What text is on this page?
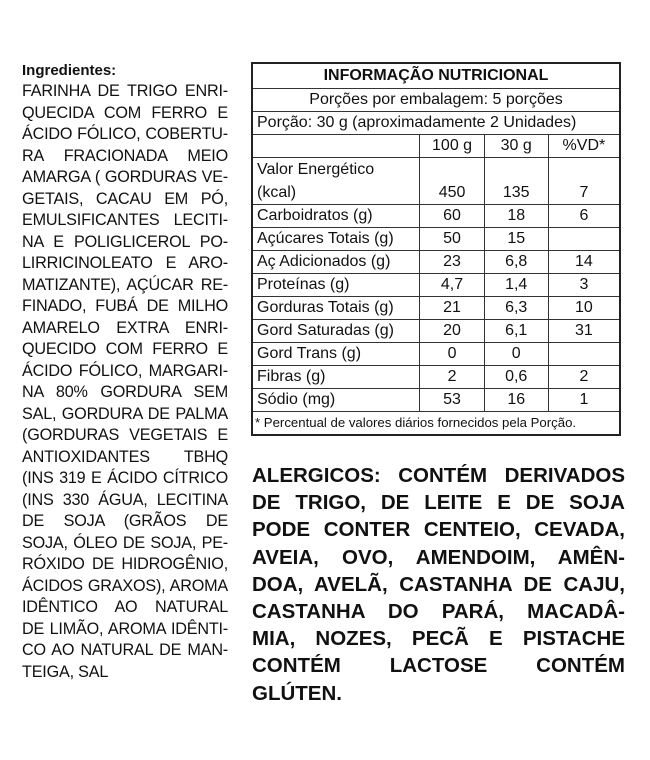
Ingredientes:

FARINHA DE TRIGO ENRI-
QUECIDA COM FERRO E
ÁCIDO FÓLICO, COBERTU-
RA FRACIONADA MEIO
AMARGA ( GORDURAS VE-
GETAIS, CACAU EM PÓ,
EMULSIFICANTES LECITI-
NA E POLIGLICEROL PO-
LIRRICINOLEATO E ARO-
MATIZANTE), AÇÚCAR RE-
FINADO, FUBÁ DE MILHO
AMARELO EXTRA ENRI-
QUECIDO COM FERRO E
ÁCIDO FÓLICO, MARGARI-
NA 80% GORDURA SEM
SAL, GORDURA DE PALMA
(GORDURAS VEGETAIS E
ANTIOXIDANTES TBHQ
(INS 319 E ÁCIDO CÍTRICO
(INS 330 ÁGUA, LECITINA
DE SOJA (GRÃOS DE
SOJA, ÓLEO DE SOJA, PE-
RÓXIDO DE HIDROGÊNIO,
ÁCIDOS GRAXOS), AROMA
IDÊNTICO AO NATURAL
DE LIMÃO, AROMA IDÊNTI-
CO AO NATURAL DE MAN-
TEIGA, SAL
INFORMAÇÃO NUTRICIONAL			
Porções por embalagem: 5 porções			
Porção: 30 g (aproximadamente 2 Unidades)			
	100 g	30 g	%VD*
Valor Energético
(kcal)	450	135	7
Carboidratos (g)	60	18	6
Açúcares Totais (g)	50	15	
Aç Adicionados (g)	23	6,8	14
Proteínas (g)	4,7	1,4	3
Gorduras Totais (g)	21	6,3	10
Gord Saturadas (g)	20	6,1	31
Gord Trans (g)	0	0	
Fibras (g)	2	0,6	2
Sódio (mg)	53	16	1
* Percentual de valores diários fornecidos pela Porção.			
ALERGICOS: CONTÉM DERIVADOS
DE TRIGO, DE LEITE E DE SOJA
PODE CONTER CENTEIO, CEVADA,
AVEIA, OVO, AMENDOIM, AMÊN-
DOA, AVELÃ, CASTANHA DE CAJU,
CASTANHA DO PARÁ, MACADÂ-
MIA, NOZES, PECÃ E PISTACHE
CONTÉM LACTOSE CONTÉM
GLÚTEN.
